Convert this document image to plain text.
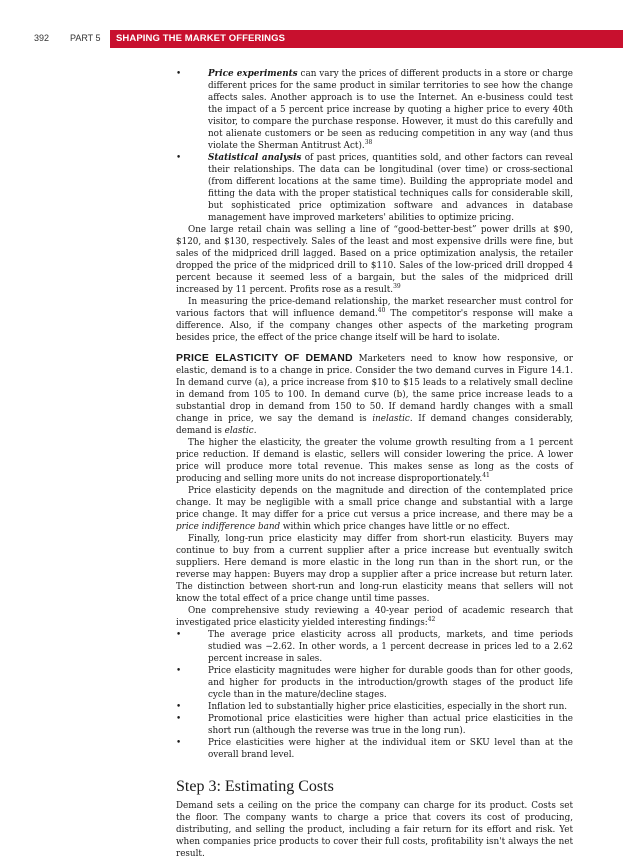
392 PART 5	SHAPING THE MARKET OFFERINGS
• Price experiments can vary the prices of different products in a store or charge different prices for the same product in similar territories to see how the change affects sales. Another approach is to use the Internet. An e-business could test the impact of a 5 percent price increase by quoting a higher price to every 40th visitor, to compare the purchase response. However, it must do this carefully and not alienate customers or be seen as reducing competition in any way (and thus violate the Sherman Antitrust Act).$^{38}$
• Statistical analysis of past prices, quantities sold, and other factors can reveal their relationships. The data can be longitudinal (over time) or cross-sectional (from different locations at the same time). Building the appropriate model and fitting the data with the proper statistical techniques calls for considerable skill, but sophisticated price optimization software and advances in database management have improved marketers' abilities to optimize pricing.

One large retail chain was selling a line of “good-better-best” power drills at $90, $120, and $130, respectively. Sales of the least and most expensive drills were fine, but sales of the midpriced drill lagged. Based on a price optimization analysis, the retailer dropped the price of the midpriced drill to $110. Sales of the low-priced drill dropped 4 percent because it seemed less of a bargain, but the sales of the midpriced drill increased by 11 percent. Profits rose as a result.$^{39}$

In measuring the price-demand relationship, the market researcher must control for various factors that will influence demand.$^{40}$ The competitor's response will make a difference. Also, if the company changes other aspects of the marketing program besides price, the effect of the price change itself will be hard to isolate.

PRICE ELASTICITY OF DEMAND Marketers need to know how responsive, or elastic, demand is to a change in price. Consider the two demand curves in Figure 14.1. In demand curve (a), a price increase from $10 to $15 leads to a relatively small decline in demand from 105 to 100. In demand curve (b), the same price increase leads to a substantial drop in demand from 150 to 50. If demand hardly changes with a small change in price, we say the demand is inelastic. If demand changes considerably, demand is elastic.

The higher the elasticity, the greater the volume growth resulting from a 1 percent price reduction. If demand is elastic, sellers will consider lowering the price. A lower price will produce more total revenue. This makes sense as long as the costs of producing and selling more units do not increase disproportionately.$^{41}$

Price elasticity depends on the magnitude and direction of the contemplated price change. It may be negligible with a small price change and substantial with a large price change. It may differ for a price cut versus a price increase, and there may be a price indifference band within which price changes have little or no effect.

Finally, long-run price elasticity may differ from short-run elasticity. Buyers may continue to buy from a current supplier after a price increase but eventually switch suppliers. Here demand is more elastic in the long run than in the short run, or the reverse may happen: Buyers may drop a supplier after a price increase but return later. The distinction between short-run and long-run elasticity means that sellers will not know the total effect of a price change until time passes.

One comprehensive study reviewing a 40-year period of academic research that investigated price elasticity yielded interesting findings:$^{42}$

• The average price elasticity across all products, markets, and time periods studied was −2.62. In other words, a 1 percent decrease in prices led to a 2.62 percent increase in sales.
• Price elasticity magnitudes were higher for durable goods than for other goods, and higher for products in the introduction/growth stages of the product life cycle than in the mature/decline stages.
• Inflation led to substantially higher price elasticities, especially in the short run.
• Promotional price elasticities were higher than actual price elasticities in the short run (although the reverse was true in the long run).
• Price elasticities were higher at the individual item or SKU level than at the overall brand level.
Step 3: Estimating Costs

Demand sets a ceiling on the price the company can charge for its product. Costs set the floor. The company wants to charge a price that covers its cost of producing, distributing, and selling the product, including a fair return for its effort and risk. Yet when companies price products to cover their full costs, profitability isn't always the net result.
